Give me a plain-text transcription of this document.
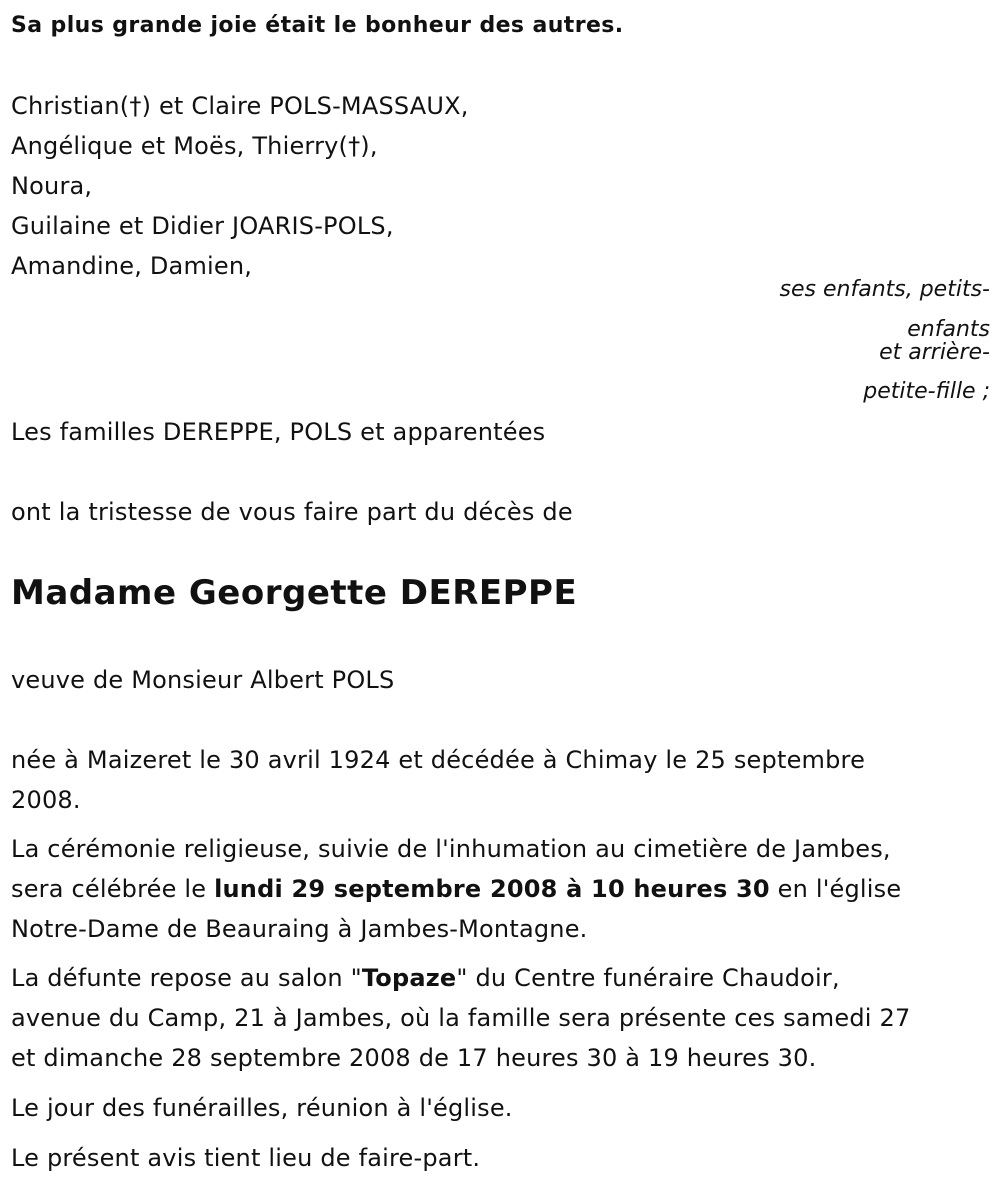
Sa plus grande joie était le bonheur des autres.
Christian(†) et Claire POLS-MASSAUX,
Angélique et Moës, Thierry(†),
Noura,
Guilaine et Didier JOARIS-POLS,
Amandine, Damien,
ses enfants, petits-
enfants
et arrière-
petite-fille ;
Les familles DEREPPE, POLS et apparentées
ont la tristesse de vous faire part du décès de
Madame Georgette DEREPPE
veuve de Monsieur Albert POLS
née à Maizeret le 30 avril 1924 et décédée à Chimay le 25 septembre
2008.
La cérémonie religieuse, suivie de l'inhumation au cimetière de Jambes,
sera célébrée le lundi 29 septembre 2008 à 10 heures 30 en l'église
Notre-Dame de Beauraing à Jambes-Montagne.
La défunte repose au salon "Topaze" du Centre funéraire Chaudoir,
avenue du Camp, 21 à Jambes, où la famille sera présente ces samedi 27
et dimanche 28 septembre 2008 de 17 heures 30 à 19 heures 30.
Le jour des funérailles, réunion à l'église.
Le présent avis tient lieu de faire-part.
